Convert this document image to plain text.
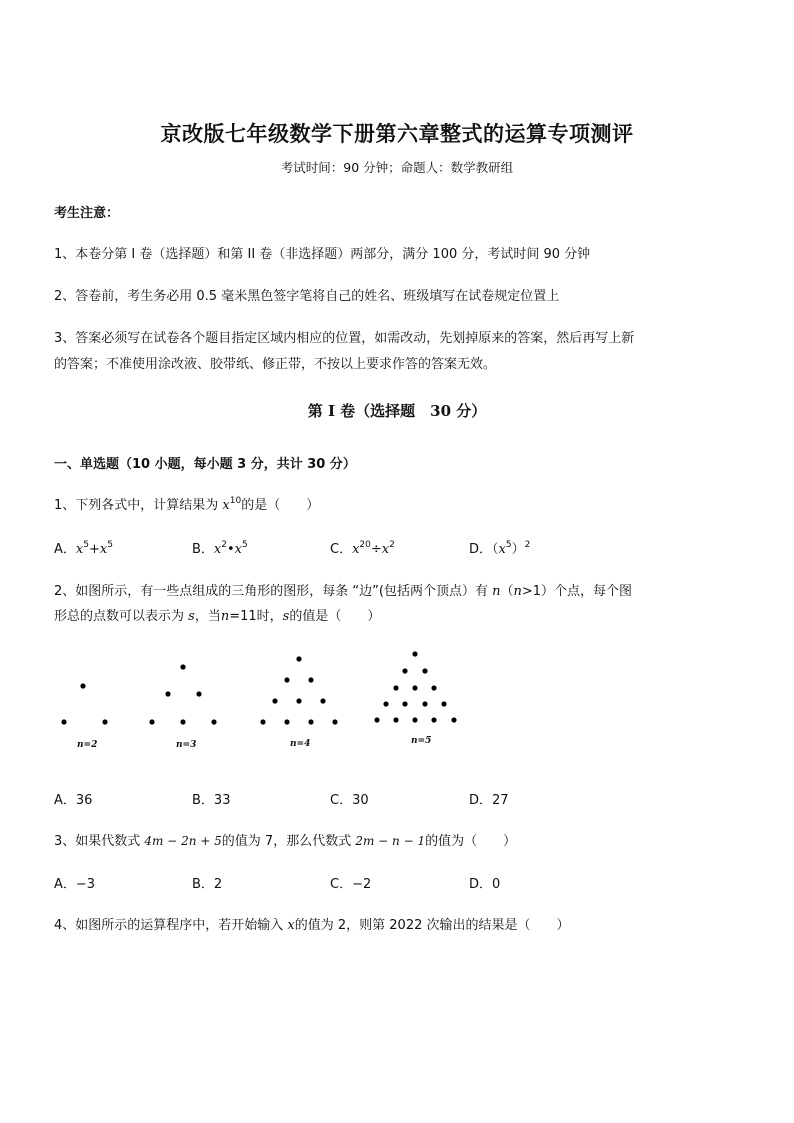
京改版七年级数学下册第六章整式的运算专项测评
考试时间：90 分钟；命题人：数学教研组
考生注意：
1、本卷分第 I 卷（选择题）和第 II 卷（非选择题）两部分，满分 100 分，考试时间 90 分钟
2、答卷前，考生务必用 0.5 毫米黑色签字笔将自己的姓名、班级填写在试卷规定位置上
3、答案必须写在试卷各个题目指定区域内相应的位置，如需改动，先划掉原来的答案，然后再写上新
的答案；不准使用涂改液、胶带纸、修正带，不按以上要求作答的答案无效。
第 I 卷（选择题　30 分）
一、单选题（10 小题，每小题 3 分，共计 30 分）
1、下列各式中，计算结果为 $x^{10}$的是（　　）
A．$x^5+x^5$	B．$x^2•x^5$	C．$x^{20}\div x^2$	D．$(x^5)^2$
2、如图所示，有一些点组成的三角形的图形，每条 “边”(包括两个顶点）有 n（n>1）个点，每个图
形总的点数可以表示为 s，当n=11时，s的值是（　　）
n=2	n=3	n=4	n=5
A．36	B．33	C．30	D．27
3、如果代数式 4m − 2n + 5的值为 7，那么代数式 2m − n − 1的值为（　　）
A．−3	B．2	C．−2	D．0
4、如图所示的运算程序中，若开始输入 x的值为 2，则第 2022 次输出的结果是（　　）
